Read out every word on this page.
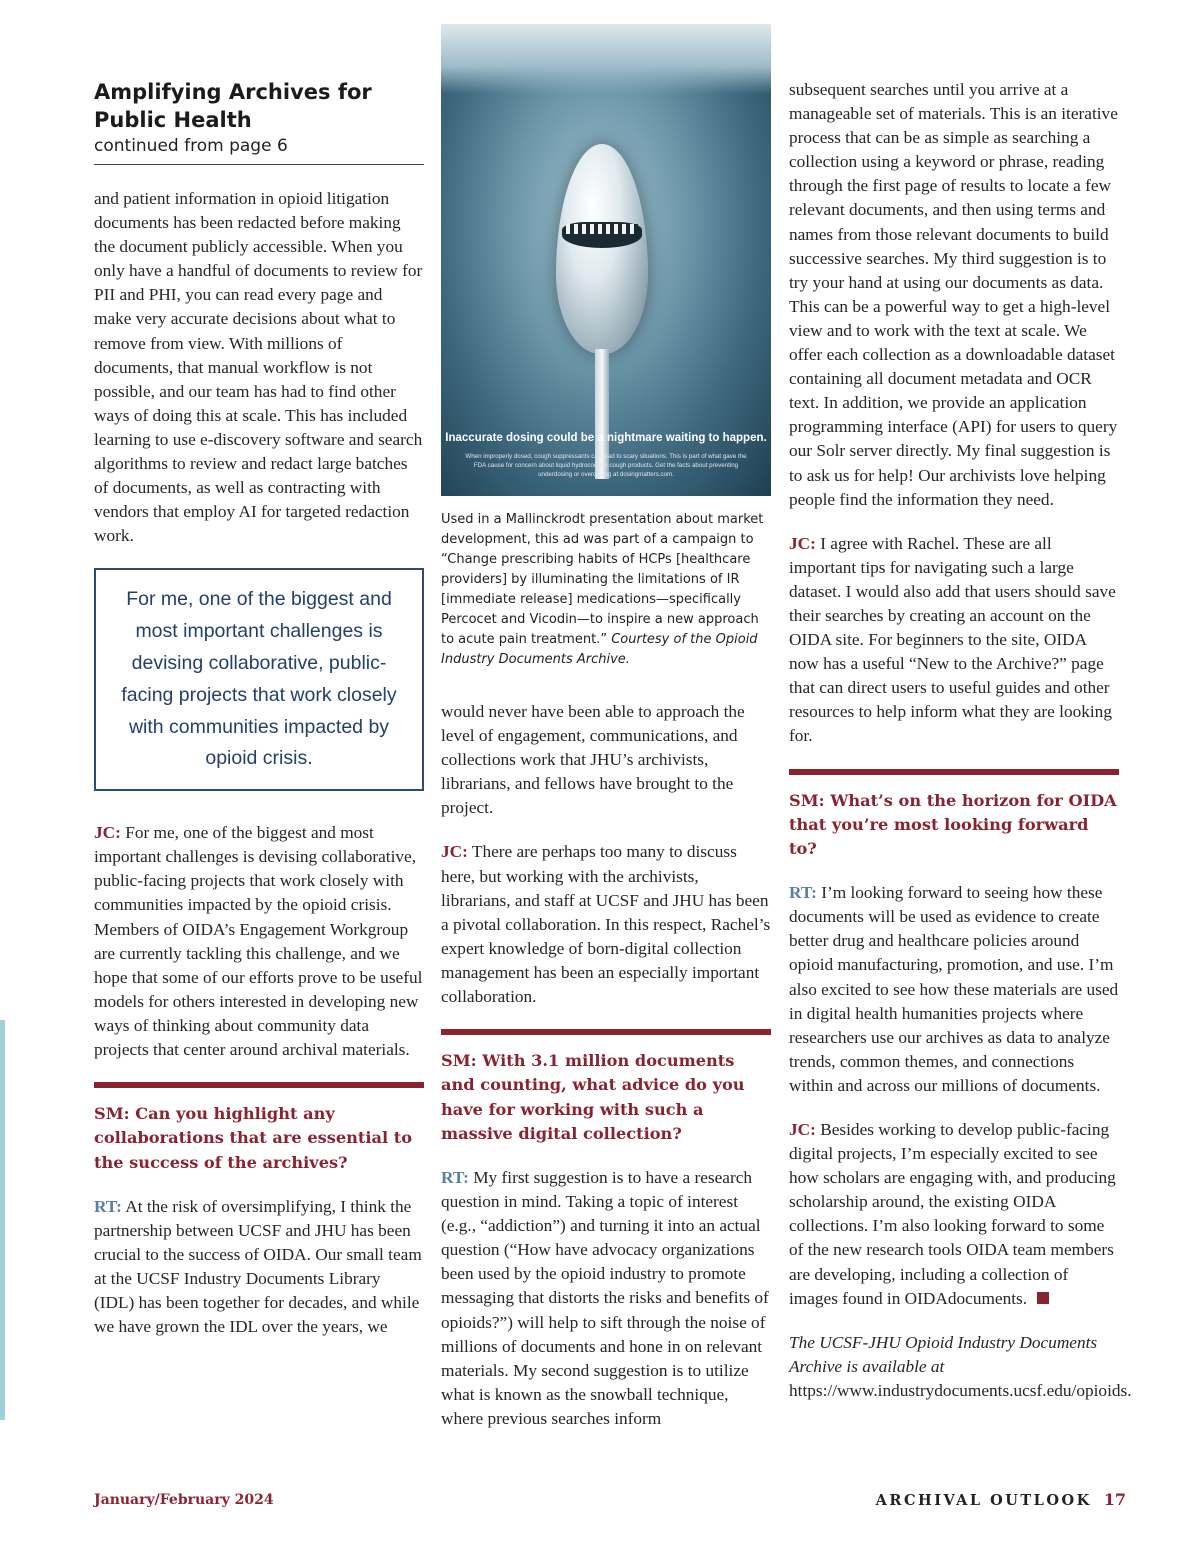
Amplifying Archives for Public Health

continued from page 6

and patient information in opioid litigation documents has been redacted before making the document publicly accessible. When you only have a handful of documents to review for PII and PHI, you can read every page and make very accurate decisions about what to remove from view. With millions of documents, that manual workflow is not possible, and our team has had to find other ways of doing this at scale. This has included learning to use e-discovery software and search algorithms to review and redact large batches of documents, as well as contracting with vendors that employ AI for targeted redaction work.

For me, one of the biggest and most important challenges is devising collaborative, public-facing projects that work closely with communities impacted by opioid crisis.

JC: For me, one of the biggest and most important challenges is devising collaborative, public-facing projects that work closely with communities impacted by the opioid crisis. Members of OIDA’s Engagement Workgroup are currently tackling this challenge, and we hope that some of our efforts prove to be useful models for others interested in developing new ways of thinking about community data projects that center around archival materials.

SM: Can you highlight any collaborations that are essential to the success of the archives?

RT: At the risk of oversimplifying, I think the partnership between UCSF and JHU has been crucial to the success of OIDA. Our small team at the UCSF Industry Documents Library (IDL) has been together for decades, and while we have grown the IDL over the years, we

Inaccurate dosing could be a nightmare waiting to happen.
When improperly dosed, cough suppressants can lead to scary situations. This is part of what gave the FDA cause for concern about liquid hydrocodone cough products. Get the facts about preventing underdosing or overdosing at dosingmatters.com.

Used in a Mallinckrodt presentation about market development, this ad was part of a campaign to “Change prescribing habits of HCPs [healthcare providers] by illuminating the limitations of IR [immediate release] medications—specifically Percocet and Vicodin—to inspire a new approach to acute pain treatment.” Courtesy of the Opioid Industry Documents Archive.

would never have been able to approach the level of engagement, communications, and collections work that JHU’s archivists, librarians, and fellows have brought to the project.

JC: There are perhaps too many to discuss here, but working with the archivists, librarians, and staff at UCSF and JHU has been a pivotal collaboration. In this respect, Rachel’s expert knowledge of born-digital collection management has been an especially important collaboration.

SM: With 3.1 million documents and counting, what advice do you have for working with such a massive digital collection?

RT: My first suggestion is to have a research question in mind. Taking a topic of interest (e.g., “addiction”) and turning it into an actual question (“How have advocacy organizations been used by the opioid industry to promote messaging that distorts the risks and benefits of opioids?”) will help to sift through the noise of millions of documents and hone in on relevant materials. My second suggestion is to utilize what is known as the snowball technique, where previous searches inform

subsequent searches until you arrive at a manageable set of materials. This is an iterative process that can be as simple as searching a collection using a keyword or phrase, reading through the first page of results to locate a few relevant documents, and then using terms and names from those relevant documents to build successive searches. My third suggestion is to try your hand at using our documents as data. This can be a powerful way to get a high-level view and to work with the text at scale. We offer each collection as a downloadable dataset containing all document metadata and OCR text. In addition, we provide an application programming interface (API) for users to query our Solr server directly. My final suggestion is to ask us for help! Our archivists love helping people find the information they need.

JC: I agree with Rachel. These are all important tips for navigating such a large dataset. I would also add that users should save their searches by creating an account on the OIDA site. For beginners to the site, OIDA now has a useful “New to the Archive?” page that can direct users to useful guides and other resources to help inform what they are looking for.

SM: What’s on the horizon for OIDA that you’re most looking forward to?

RT: I’m looking forward to seeing how these documents will be used as evidence to create better drug and healthcare policies around opioid manufacturing, promotion, and use. I’m also excited to see how these materials are used in digital health humanities projects where researchers use our archives as data to analyze trends, common themes, and connections within and across our millions of documents.

JC: Besides working to develop public-facing digital projects, I’m especially excited to see how scholars are engaging with, and producing scholarship around, the existing OIDA collections. I’m also looking forward to some of the new research tools OIDA team members are developing, including a collection of images found in OIDAdocuments.

The UCSF-JHU Opioid Industry Documents Archive is available at https://www.industrydocuments.ucsf.edu/opioids.

January/February 2024	ARCHIVAL OUTLOOK 17
